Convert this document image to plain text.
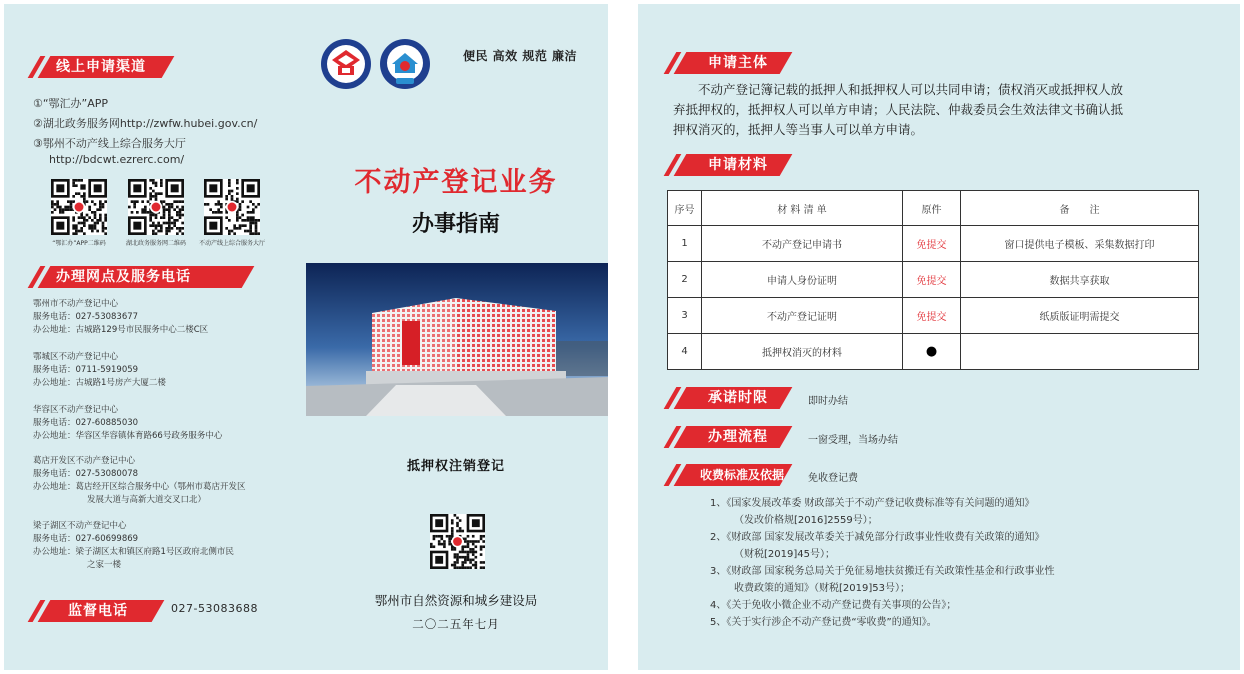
线上申请渠道
①“鄂汇办”APP
②湖北政务服务网http://zwfw.hubei.gov.cn/
③鄂州不动产线上综合服务大厅
http://bdcwt.ezrerc.com/
“鄂汇办”APP二维码	湖北政务服务网二维码	不动产线上综合服务大厅
办理网点及服务电话
鄂州市不动产登记中心
服务电话：027-53083677
办公地址：古城路129号市民服务中心二楼C区
鄂城区不动产登记中心
服务电话：0711-5919059
办公地址：古城路1号房产大厦二楼
华容区不动产登记中心
服务电话：027-60885030
办公地址：华容区华容镇体育路66号政务服务中心
葛店开发区不动产登记中心
服务电话：027-53080078
办公地址：葛店经开区综合服务中心（鄂州市葛店开发区
发展大道与高新大道交叉口北）
梁子湖区不动产登记中心
服务电话：027-60699869
办公地址：梁子湖区太和镇区府路1号区政府北侧市民
之家一楼
监督电话	027-53083688
便民 高效 规范 廉洁
不动产登记业务
办事指南
抵押权注销登记
鄂州市自然资源和城乡建设局
二〇二五年七月
申请主体
不动产登记簿记载的抵押人和抵押权人可以共同申请；债权消灭或抵押权人放
弃抵押权的，抵押权人可以单方申请；人民法院、仲裁委员会生效法律文书确认抵
押权消灭的，抵押人等当事人可以单方申请。
申请材料
序号	材 料 清 单	原件	备　　注
1	不动产登记申请书	免提交	窗口提供电子模板、采集数据打印
2	申请人身份证明	免提交	数据共享获取
3	不动产登记证明	免提交	纸质版证明需提交
4	抵押权消灭的材料	●	
承诺时限	即时办结
办理流程	一窗受理，当场办结
收费标准及依据 免收登记费
1、《国家发展改革委 财政部关于不动产登记收费标准等有关问题的通知》
（发改价格规[2016]2559号）；
2、《财政部 国家发展改革委关于减免部分行政事业性收费有关政策的通知》
（财税[2019]45号）；
3、《财政部 国家税务总局关于免征易地扶贫搬迁有关政策性基金和行政事业性
收费政策的通知》（财税[2019]53号）；
4、《关于免收小微企业不动产登记费有关事项的公告》；
5、《关于实行涉企不动产登记费“零收费”的通知》。
